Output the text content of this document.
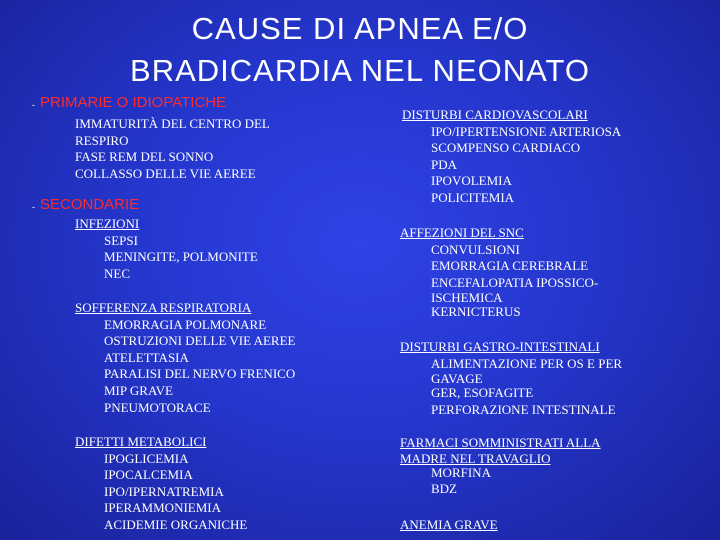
CAUSE DI APNEA E/O
BRADICARDIA NEL NEONATO
- PRIMARIE O IDIOPATICHE
IMMATURITÀ DEL CENTRO DEL
RESPIRO
FASE REM DEL SONNO
COLLASSO DELLE VIE AEREE
- SECONDARIE
INFEZIONI
SEPSI
MENINGITE, POLMONITE
NEC
SOFFERENZA RESPIRATORIA
EMORRAGIA POLMONARE
OSTRUZIONI DELLE VIE AEREE
ATELETTASIA
PARALISI DEL NERVO FRENICO
MIP GRAVE
PNEUMOTORACE
DIFETTI METABOLICI
IPOGLICEMIA
IPOCALCEMIA
IPO/IPERNATREMIA
IPERAMMONIEMIA
ACIDEMIE ORGANICHE
DISTURBI CARDIOVASCOLARI
IPO/IPERTENSIONE ARTERIOSA
SCOMPENSO CARDIACO
PDA
IPOVOLEMIA
POLICITEMIA
AFFEZIONI DEL SNC
CONVULSIONI
EMORRAGIA CEREBRALE
ENCEFALOPATIA IPOSSICO-
ISCHEMICA
KERNICTERUS
DISTURBI GASTRO-INTESTINALI
ALIMENTAZIONE PER OS E PER
GAVAGE
GER, ESOFAGITE
PERFORAZIONE INTESTINALE
FARMACI SOMMINISTRATI ALLA
MADRE NEL TRAVAGLIO
MORFINA
BDZ
ANEMIA GRAVE
